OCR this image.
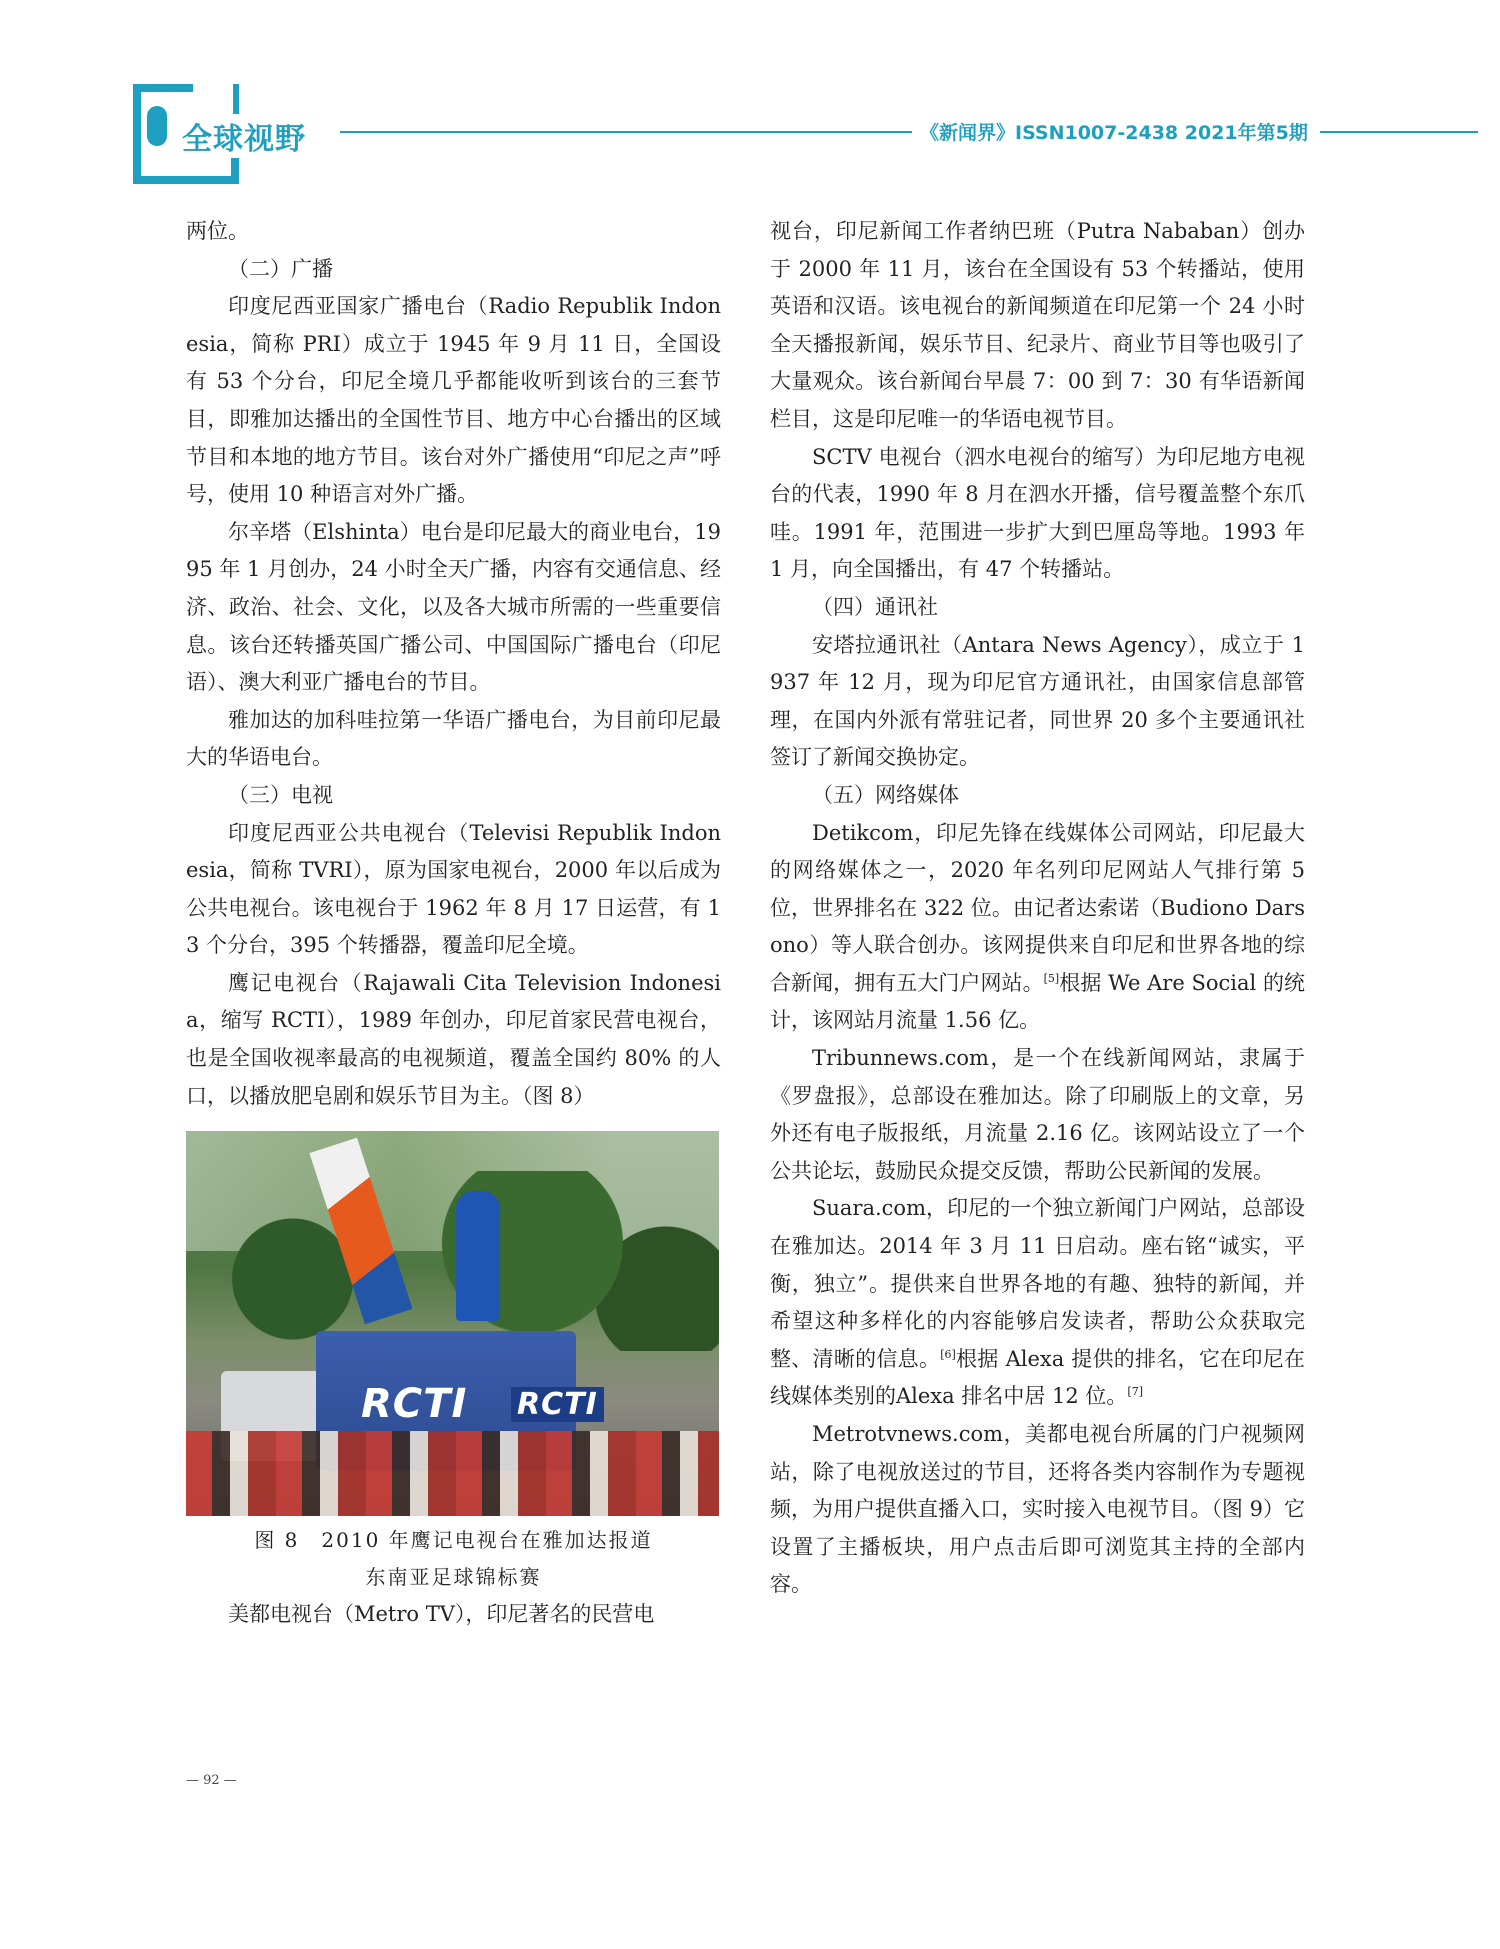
全球视野	《新闻界》ISSN1007-2438 2021年第5期

两位。

（二）广播

印度尼西亚国家广播电台（Radio Republik Indonesia，简称 PRI）成立于 1945 年 9 月 11 日，全国设有 53 个分台，印尼全境几乎都能收听到该台的三套节目，即雅加达播出的全国性节目、地方中心台播出的区域节目和本地的地方节目。该台对外广播使用“印尼之声”呼号，使用 10 种语言对外广播。

尔辛塔（Elshinta）电台是印尼最大的商业电台，1995 年 1 月创办，24 小时全天广播，内容有交通信息、经济、政治、社会、文化，以及各大城市所需的一些重要信息。该台还转播英国广播公司、中国国际广播电台（印尼语）、澳大利亚广播电台的节目。

雅加达的加科哇拉第一华语广播电台，为目前印尼最大的华语电台。

（三）电视

印度尼西亚公共电视台（Televisi Republik Indonesia，简称 TVRI），原为国家电视台，2000 年以后成为公共电视台。该电视台于 1962 年 8 月 17 日运营，有 13 个分台，395 个转播器，覆盖印尼全境。

鹰记电视台（Rajawali Cita Television Indonesia，缩写 RCTI），1989 年创办，印尼首家民营电视台，也是全国收视率最高的电视频道，覆盖全国约 80% 的人口，以播放肥皂剧和娱乐节目为主。（图 8）

RCTI RCTI
图 8　2010 年鹰记电视台在雅加达报道
东南亚足球锦标赛

美都电视台（Metro TV），印尼著名的民营电

视台，印尼新闻工作者纳巴班（Putra Nababan）创办于 2000 年 11 月，该台在全国设有 53 个转播站，使用英语和汉语。该电视台的新闻频道在印尼第一个 24 小时全天播报新闻，娱乐节目、纪录片、商业节目等也吸引了大量观众。该台新闻台早晨 7：00 到 7：30 有华语新闻栏目，这是印尼唯一的华语电视节目。

SCTV 电视台（泗水电视台的缩写）为印尼地方电视台的代表，1990 年 8 月在泗水开播，信号覆盖整个东爪哇。1991 年，范围进一步扩大到巴厘岛等地。1993 年 1 月，向全国播出，有 47 个转播站。

（四）通讯社

安塔拉通讯社（Antara News Agency），成立于 1937 年 12 月，现为印尼官方通讯社，由国家信息部管理，在国内外派有常驻记者，同世界 20 多个主要通讯社签订了新闻交换协定。

（五）网络媒体

Detikcom，印尼先锋在线媒体公司网站，印尼最大的网络媒体之一，2020 年名列印尼网站人气排行第 5 位，世界排名在 322 位。由记者达索诺（Budiono Darsono）等人联合创办。该网提供来自印尼和世界各地的综合新闻，拥有五大门户网站。[5]根据 We Are Social 的统计，该网站月流量 1.56 亿。

Tribunnews.com，是一个在线新闻网站，隶属于《罗盘报》，总部设在雅加达。除了印刷版上的文章，另外还有电子版报纸，月流量 2.16 亿。该网站设立了一个公共论坛，鼓励民众提交反馈，帮助公民新闻的发展。

Suara.com，印尼的一个独立新闻门户网站，总部设在雅加达。2014 年 3 月 11 日启动。座右铭“诚实，平衡，独立”。提供来自世界各地的有趣、独特的新闻，并希望这种多样化的内容能够启发读者，帮助公众获取完整、清晰的信息。[6]根据 Alexa 提供的排名，它在印尼在线媒体类别的Alexa 排名中居 12 位。[7]

Metrotvnews.com，美都电视台所属的门户视频网站，除了电视放送过的节目，还将各类内容制作为专题视频，为用户提供直播入口，实时接入电视节目。（图 9）它设置了主播板块，用户点击后即可浏览其主持的全部内容。

— 92 —
